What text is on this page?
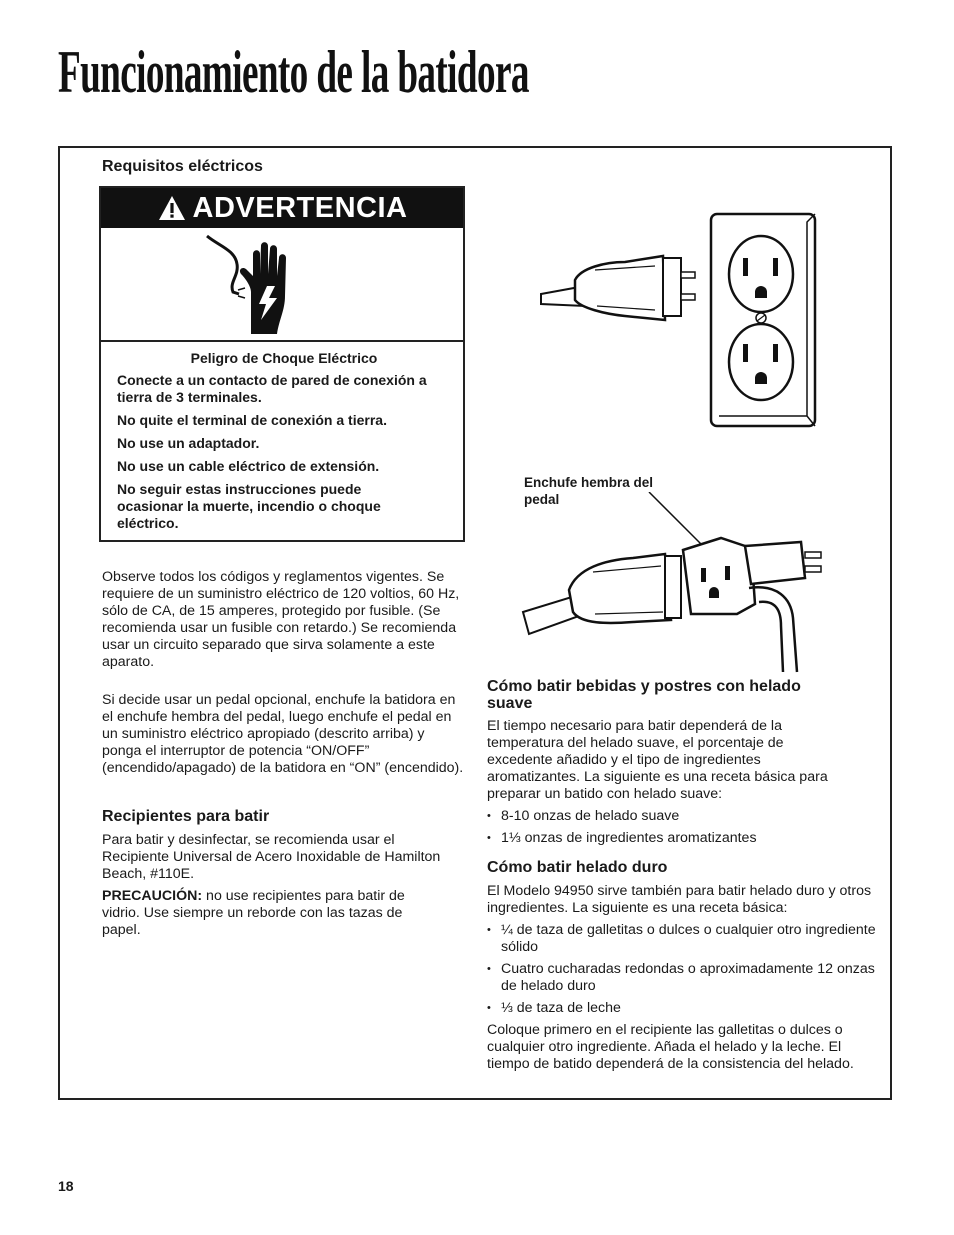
Funcionamiento de la batidora
Requisitos eléctricos
ADVERTENCIA

Peligro de Choque Eléctrico

Conecte a un contacto de pared de conexión a tierra de 3 terminales.

No quite el terminal de conexión a tierra.

No use un adaptador.

No use un cable eléctrico de extensión.

No seguir estas instrucciones puede ocasionar la muerte, incendio o choque eléctrico.

Observe todos los códigos y reglamentos vigentes. Se requiere de un suministro eléctrico de 120 voltios, 60 Hz, sólo de CA, de 15 amperes, protegido por fusible. (Se recomienda usar un fusible con retardo.) Se recomienda usar un circuito separado que sirva solamente a este aparato.

Si decide usar un pedal opcional, enchufe la batidora en el enchufe hembra del pedal, luego enchufe el pedal en un suministro eléctrico apropiado (descrito arriba) y ponga el interruptor de potencia “ON/OFF” (encendido/apagado) de la batidora en “ON” (encendido).

Recipientes para batir

Para batir y desinfectar, se recomienda usar el Recipiente Universal de Acero Inoxidable de Hamilton Beach, #110E.

PRECAUCIÓN: no use recipientes para batir de vidrio. Use siempre un reborde con las tazas de papel.

Enchufe hembra del pedal
Cómo batir bebidas y postres con helado suave

El tiempo necesario para batir dependerá de la temperatura del helado suave, el porcentaje de excedente añadido y el tipo de ingredientes aromatizantes. La siguiente es una receta básica para preparar un batido con helado suave:

• 8-10 onzas de helado suave
• 1⅓ onzas de ingredientes aromatizantes
Cómo batir helado duro

El Modelo 94950 sirve también para batir helado duro y otros ingredientes. La siguiente es una receta básica:

• ¼ de taza de galletitas o dulces o cualquier otro ingrediente sólido
• Cuatro cucharadas redondas o aproximadamente 12 onzas de helado duro
• ⅓ de taza de leche

Coloque primero en el recipiente las galletitas o dulces o cualquier otro ingrediente. Añada el helado y la leche. El tiempo de batido dependerá de la consistencia del helado.

18
